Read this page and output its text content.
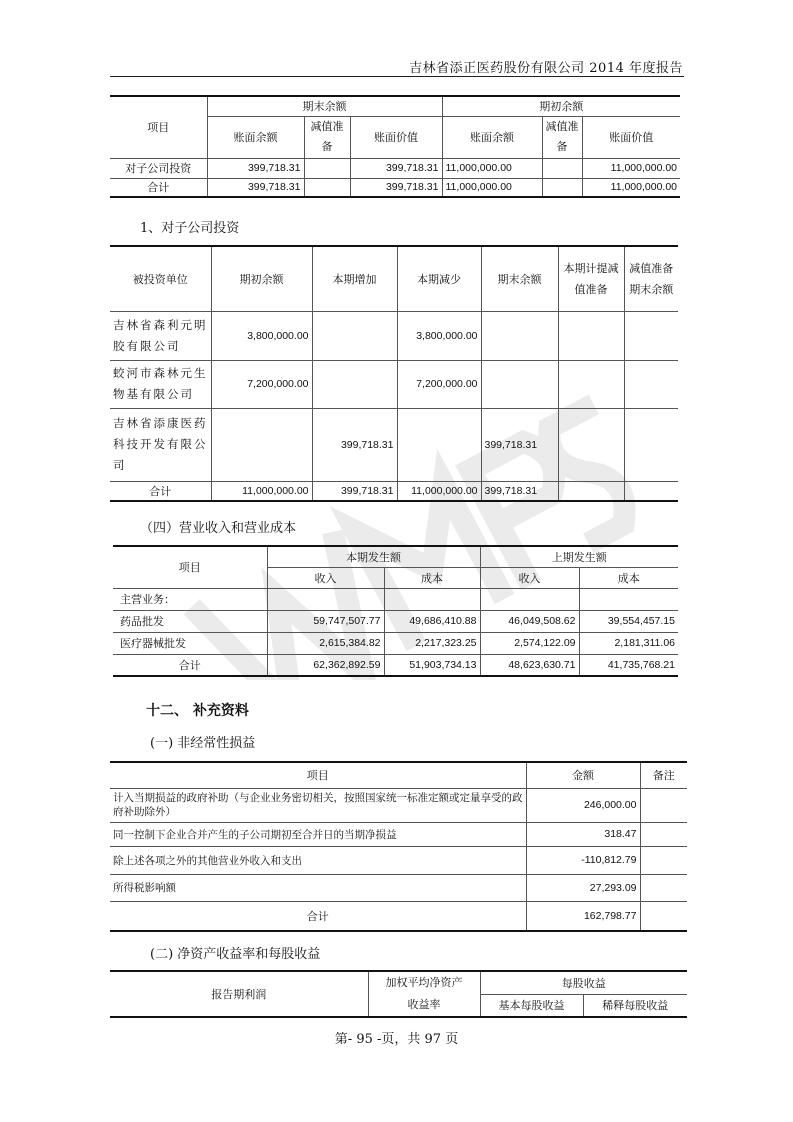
吉林省添正医药股份有限公司 2014 年度报告
项目	期末余额			期初余额		
	账面余额	减值准备	账面价值	账面余额	减值准备	账面价值
对子公司投资	399,718.31		399,718.31	11,000,000.00		11,000,000.00
合计	399,718.31		399,718.31	11,000,000.00		11,000,000.00
1、对子公司投资
被投资单位	期初余额	本期增加	本期减少	期末余额	本期计提减值准备	减值准备期末余额
吉林省森利元明胶有限公司	3,800,000.00		3,800,000.00			
蛟河市森林元生物基有限公司	7,200,000.00		7,200,000.00			
吉林省添康医药科技开发有限公司		399,718.31		399,718.31		
合计	11,000,000.00	399,718.31	11,000,000.00	399,718.31		
（四）营业收入和营业成本
项目	本期发生额		上期发生额	
	收入	成本	收入	成本
主营业务：				
药品批发	59,747,507.77	49,686,410.88	46,049,508.62	39,554,457.15
医疗器械批发	2,615,384.82	2,217,323.25	2,574,122.09	2,181,311.06
合计	62,362,892.59	51,903,734.13	48,623,630.71	41,735,768.21
十二、 补充资料
(一) 非经常性损益
项目	金额	备注
计入当期损益的政府补助（与企业业务密切相关，按照国家统一标准定额或定量享受的政府补助除外）	246,000.00	
同一控制下企业合并产生的子公司期初至合并日的当期净损益	318.47	
除上述各项之外的其他营业外收入和支出	-110,812.79	
所得税影响额	27,293.09	
合计	162,798.77	
(二) 净资产收益率和每股收益
报告期利润	加权平均净资产
收益率	每股收益	
		基本每股收益	稀释每股收益
第- 95 -页，共 97 页
